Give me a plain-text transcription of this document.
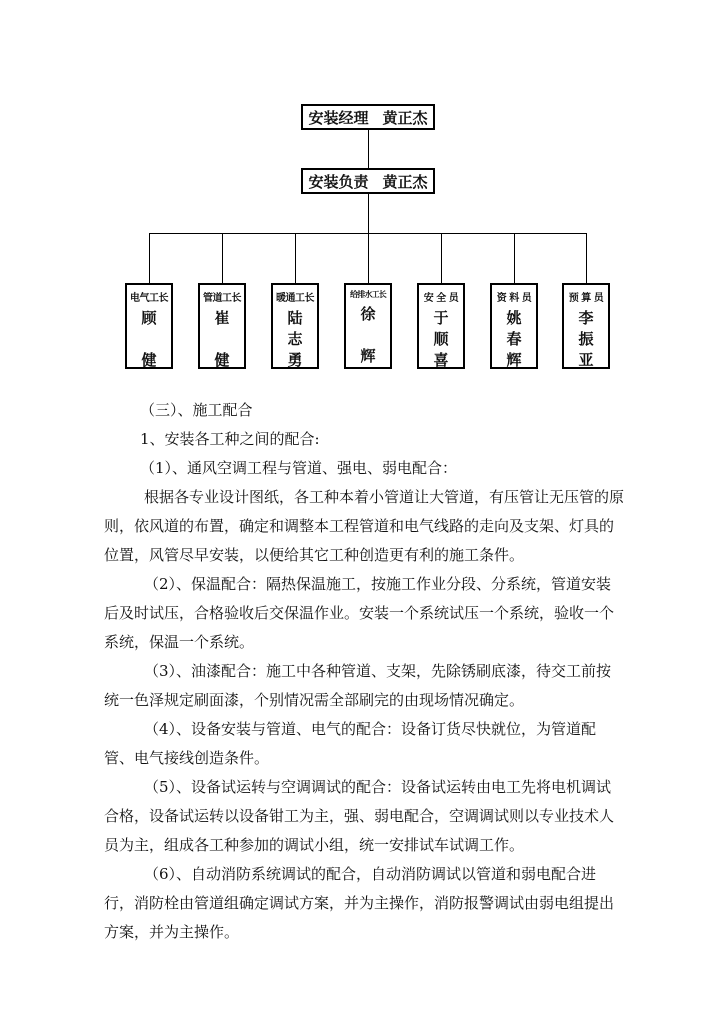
安装经理 黄正杰
安装负责 黄正杰
电气工长
顾
健
管道工长
崔
健
暖通工长
陆
志
勇
给排水工长
徐
辉
安 全 员
于
顺
喜
资 料 员
姚
春
辉
预 算 员
李
振
亚

（三）、施工配合

1、安装各工种之间的配合:

（1）、通风空调工程与管道、强电、弱电配合：

根据各专业设计图纸，各工种本着小管道让大管道，有压管让无压管的原则，依风道的布置，确定和调整本工程管道和电气线路的走向及支架、灯具的位置，风管尽早安装，以便给其它工种创造更有利的施工条件。

（2）、保温配合：隔热保温施工，按施工作业分段、分系统，管道安装后及时试压，合格验收后交保温作业。安装一个系统试压一个系统，验收一个系统，保温一个系统。

（3）、油漆配合：施工中各种管道、支架，先除锈刷底漆，待交工前按统一色泽规定刷面漆，个别情况需全部刷完的由现场情况确定。

（4）、设备安装与管道、电气的配合：设备订货尽快就位，为管道配管、电气接线创造条件。

（5）、设备试运转与空调调试的配合：设备试运转由电工先将电机调试合格，设备试运转以设备钳工为主，强、弱电配合，空调调试则以专业技术人员为主，组成各工种参加的调试小组，统一安排试车试调工作。

（6）、自动消防系统调试的配合，自动消防调试以管道和弱电配合进行，消防栓由管道组确定调试方案，并为主操作，消防报警调试由弱电组提出方案，并为主操作。
